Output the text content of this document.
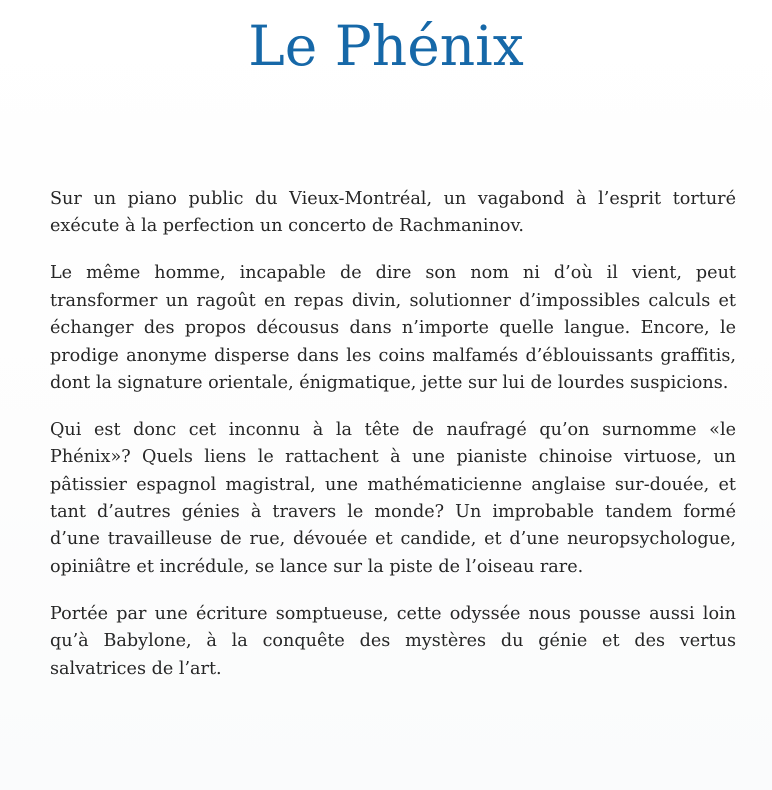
Le Phénix

Sur un piano public du Vieux-Montréal, un vagabond à l’esprit torturé exécute à la perfection un concerto de Rachmaninov.

Le même homme, incapable de dire son nom ni d’où il vient, peut transformer un ragoût en repas divin, solutionner d’impossibles calculs et échanger des propos décousus dans n’importe quelle langue. Encore, le prodige anonyme disperse dans les coins malfamés d’éblouissants graffitis, dont la signature orientale, énigmatique, jette sur lui de lourdes suspicions.

Qui est donc cet inconnu à la tête de naufragé qu’on surnomme «le Phénix»? Quels liens le rattachent à une pianiste chinoise virtuose, un pâtissier espagnol magistral, une mathématicienne anglaise sur-douée, et tant d’autres génies à travers le monde? Un improbable tandem formé d’une travailleuse de rue, dévouée et candide, et d’une neuropsychologue, opiniâtre et incrédule, se lance sur la piste de l’oiseau rare.

Portée par une écriture somptueuse, cette odyssée nous pousse aussi loin qu’à Babylone, à la conquête des mystères du génie et des vertus salvatrices de l’art.
